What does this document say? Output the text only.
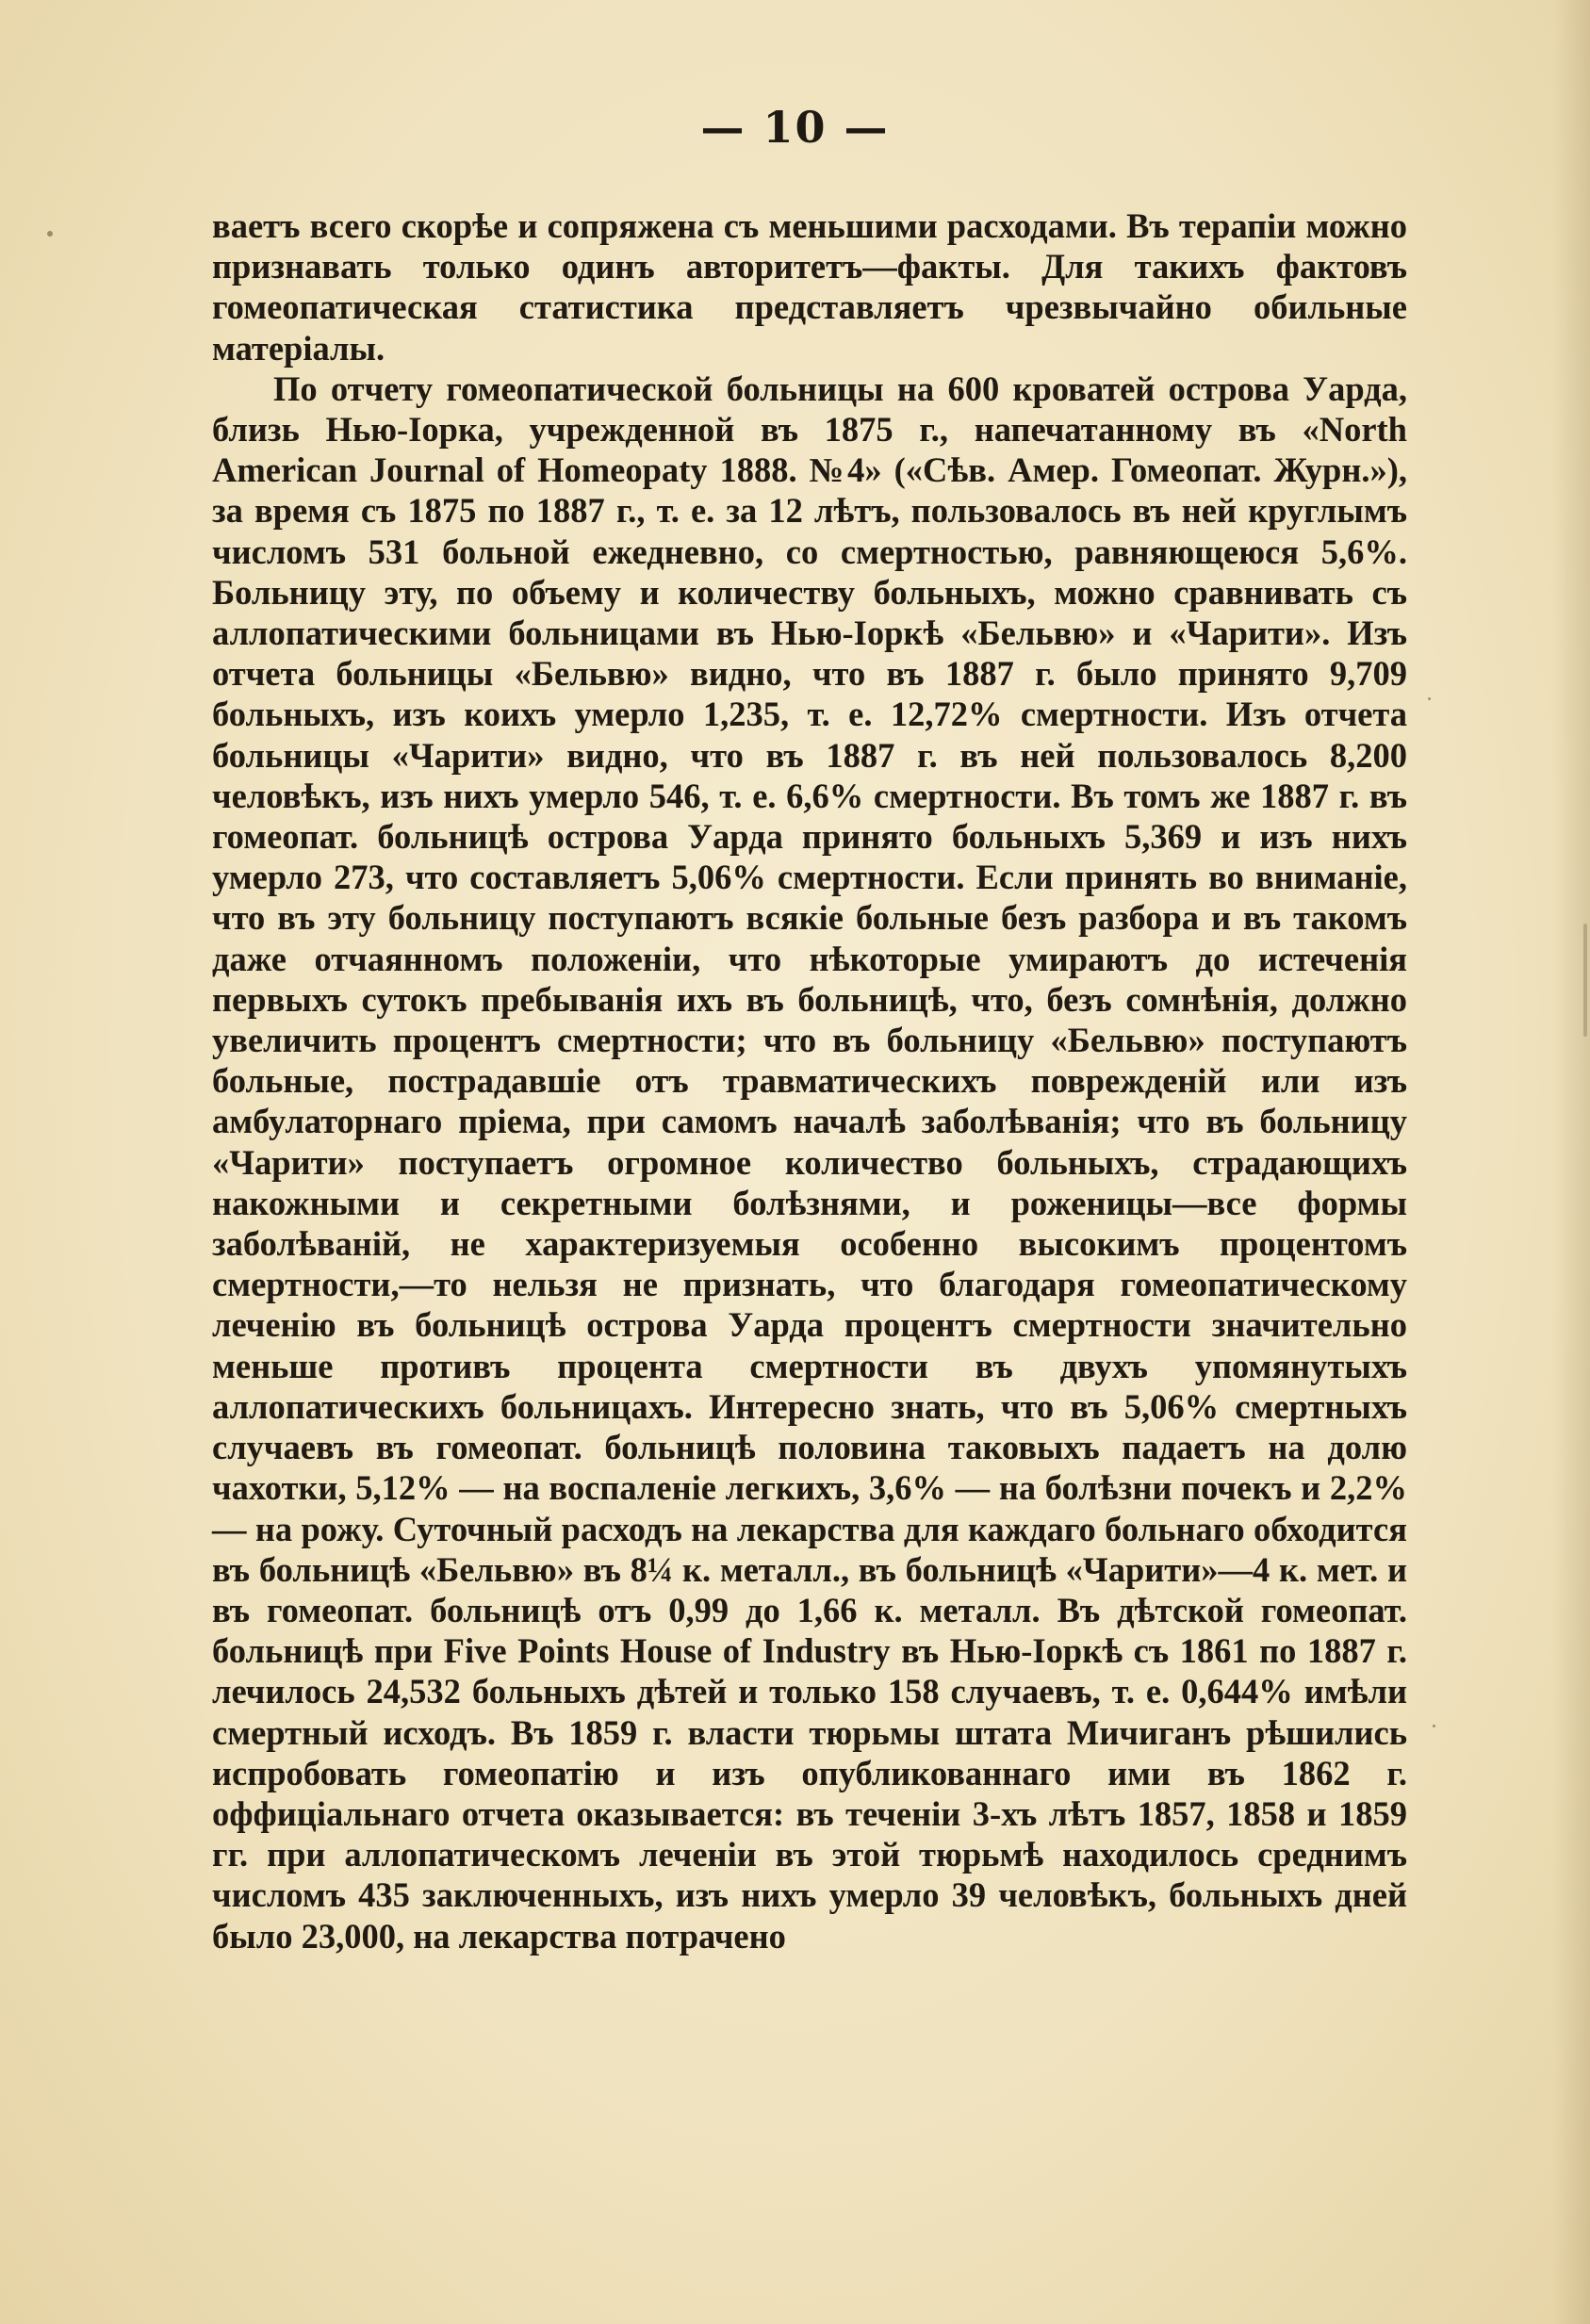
— 10 —

ваетъ всего скорѣе и сопряжена съ меньшими расходами. Въ терапіи можно признавать только одинъ авторитетъ—факты. Для такихъ фактовъ гомеопатическая статистика представляетъ чрезвычайно обильные матеріалы.

По отчету гомеопатической больницы на 600 кроватей острова Уарда, близь Нью-Іорка, учрежденной въ 1875 г., напечатанному въ «North American Journal of Homeopaty 1888. №4» («Сѣв. Амер. Гомеопат. Журн.»), за время съ 1875 по 1887 г., т. е. за 12 лѣтъ, пользовалось въ ней круглымъ числомъ 531 больной ежедневно, со смертностью, равняющеюся 5,6%. Больницу эту, по объему и количеству больныхъ, можно сравнивать съ аллопатическими больницами въ Нью-Іоркѣ «Бельвю» и «Чарити». Изъ отчета больницы «Бельвю» видно, что въ 1887 г. было принято 9,709 больныхъ, изъ коихъ умерло 1,235, т. е. 12,72% смертности. Изъ отчета больницы «Чарити» видно, что въ 1887 г. въ ней пользовалось 8,200 человѣкъ, изъ нихъ умерло 546, т. е. 6,6% смертности. Въ томъ же 1887 г. въ гомеопат. больницѣ острова Уарда принято больныхъ 5,369 и изъ нихъ умерло 273, что составляетъ 5,06% смертности. Если принять во вниманіе, что въ эту больницу поступаютъ всякіе больные безъ разбора и въ такомъ даже отчаянномъ положеніи, что нѣкоторые умираютъ до истеченія первыхъ сутокъ пребыванія ихъ въ больницѣ, что, безъ сомнѣнія, должно увеличить процентъ смертности; что въ больницу «Бельвю» поступаютъ больные, пострадавшіе отъ травматическихъ поврежденій или изъ амбулаторнаго пріема, при самомъ началѣ заболѣванія; что въ больницу «Чарити» поступаетъ огромное количество больныхъ, страдающихъ накожными и секретными болѣзнями, и роженицы—все формы заболѣваній, не характеризуемыя особенно высокимъ процентомъ смертности,—то нельзя не признать, что благодаря гомеопатическому леченію въ больницѣ острова Уарда процентъ смертности значительно меньше противъ процента смертности въ двухъ упомянутыхъ аллопатическихъ больницахъ. Интересно знать, что въ 5,06% смертныхъ случаевъ въ гомеопат. больницѣ половина таковыхъ падаетъ на долю чахотки, 5,12% — на воспаленіе легкихъ, 3,6% — на болѣзни почекъ и 2,2% — на рожу. Суточный расходъ на лекарства для каждаго больнаго обходится въ больницѣ «Бельвю» въ 8¼ к. металл., въ больницѣ «Чарити»—4 к. мет. и въ гомеопат. больницѣ отъ 0,99 до 1,66 к. металл. Въ дѣтской гомеопат. больницѣ при Five Points House of Industry въ Нью-Іоркѣ съ 1861 по 1887 г. лечилось 24,532 больныхъ дѣтей и только 158 случаевъ, т. е. 0,644% имѣли смертный исходъ. Въ 1859 г. власти тюрьмы штата Мичиганъ рѣшились испробовать гомеопатію и изъ опубликованнаго ими въ 1862 г. оффиціальнаго отчета оказывается: въ теченіи 3-хъ лѣтъ 1857, 1858 и 1859 гг. при аллопатическомъ леченіи въ этой тюрьмѣ находилось среднимъ числомъ 435 заключенныхъ, изъ нихъ умерло 39 человѣкъ, больныхъ дней было 23,000, на лекарства потрачено
